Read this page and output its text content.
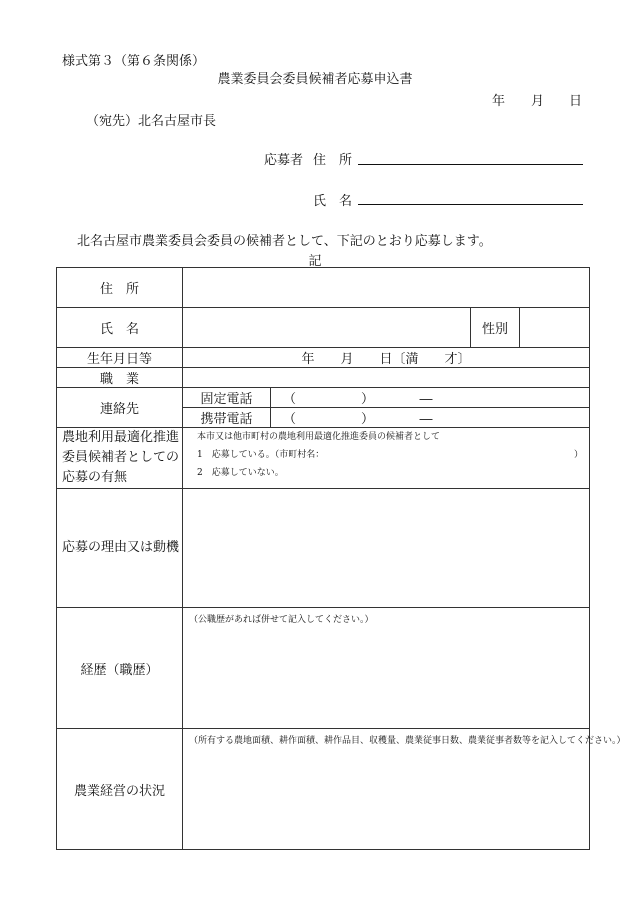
様式第３（第６条関係）
農業委員会委員候補者応募申込書
年 月 日
（宛先）北名古屋市長
応募者 住　所
氏　名
北名古屋市農業委員会委員の候補者として、下記のとおり応募します。
記
住　所				
氏　名			性別	
生年月日等	年　　月　　日〔満　　才〕			
職　業				
連絡先	固定電話	（　　　　　）　　　　―		
	携帯電話	（　　　　　）　　　　―		
農地利用最適化推進委員候補者としての応募の有無	本市又は他市町村の農地利用最適化推進委員の候補者として
1　応募している。（市町村名： ）
2　応募していない。			

応募の理由又は動機				
経歴（職歴）	（公職歴があれば併せて記入してください。）			

農業経営の状況	（所有する農地面積、耕作面積、耕作品目、収穫量、農業従事日数、農業従事者数等を記入してください。）			
